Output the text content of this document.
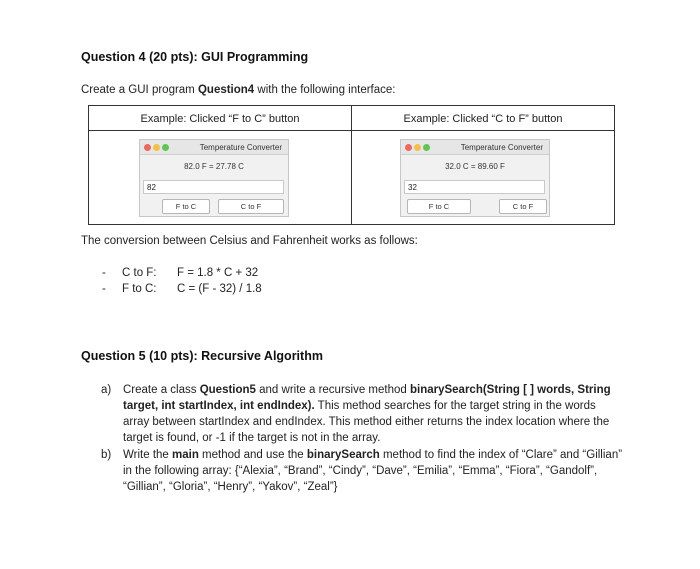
Question 4 (20 pts): GUI Programming
Create a GUI program Question4 with the following interface:
Example: Clicked “F to C” button
Temperature Converter
82.0 F = 27.78 C
82
F to C	C to F
Example: Clicked “C to F” button
Temperature Converter
32.0 C = 89.60 F
32
F to C	C to F
The conversion between Celsius and Fahrenheit works as follows:
- C to F: F = 1.8 * C + 32
- F to C: C = (F - 32) / 1.8
Question 5 (10 pts): Recursive Algorithm
a) Create a class Question5 and write a recursive method binarySearch(String [ ] words, String target, int startIndex, int endIndex). This method searches for the target string in the words array between startIndex and endIndex. This method either returns the index location where the target is found, or -1 if the target is not in the array.
b) Write the main method and use the binarySearch method to find the index of “Clare” and “Gillian” in the following array: {“Alexia”, “Brand”, “Cindy”, “Dave”, “Emilia”, “Emma”, “Fiora”, “Gandolf”, “Gillian”, “Gloria”, “Henry”, “Yakov”, “Zeal”}
